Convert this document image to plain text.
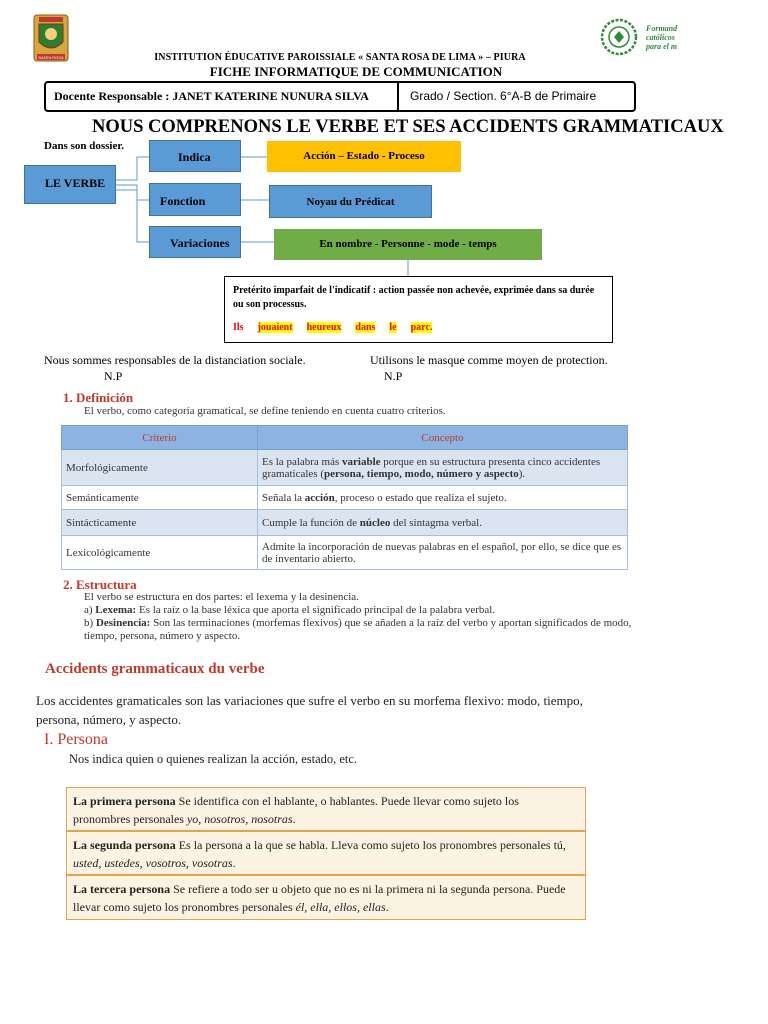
SANTA ROSA
Formand
católicos
para el m
INSTITUTION ÉDUCATIVE PAROISSIALE « SANTA ROSA DE LIMA » – PIURA
FICHE INFORMATIQUE DE COMMUNICATION
Docente Responsable : JANET KATERINE NUNURA SILVA	Grado / Section. 6°A-B de Primaire
NOUS COMPRENONS LE VERBE ET SES ACCIDENTS GRAMMATICAUX
Dans son dossier.
LE VERBE
Indica
Fonction
Variaciones
Acción – Estado - Proceso
Noyau du Prédicat
En nombre - Personne - mode - temps
Pretérito imparfait de l'indicatif : action passée non achevée, exprimée dans sa durée ou son processus.
Ils jouaient heureux dans le parc.
Nous sommes responsables de la distanciation sociale.	Utilisons le masque comme moyen de protection.
N.P	N.P
1. Definición
El verbo, como categoría gramatical, se define teniendo en cuenta cuatro criterios.
Criterio	Concepto
Morfológicamente	Es la palabra más variable porque en su estructura presenta cinco accidentes gramaticales (persona, tiempo, modo, número y aspecto).
Semánticamente	Señala la acción, proceso o estado que realiza el sujeto.
Sintácticamente	Cumple la función de núcleo del sintagma verbal.
Lexicológicamente	Admite la incorporación de nuevas palabras en el español, por ello, se dice que es de inventario abierto.
2. Estructura
El verbo se estructura en dos partes: el lexema y la desinencia.
a) Lexema: Es la raíz o la base léxica que aporta el significado principal de la palabra verbal.
b) Desinencia: Son las terminaciones (morfemas flexivos) que se añaden a la raíz del verbo y aportan significados de modo, tiempo, persona, número y aspecto.
Accidents grammaticaux du verbe
Los accidentes gramaticales son las variaciones que sufre el verbo en su morfema flexivo: modo, tiempo, persona, número, y aspecto.
I. Persona
Nos indica quien o quienes realizan la acción, estado, etc.
La primera persona Se identifica con el hablante, o hablantes. Puede llevar como sujeto los pronombres personales yo, nosotros, nosotras.
La segunda persona Es la persona a la que se habla. Lleva como sujeto los pronombres personales tú, usted, ustedes, vosotros, vosotras.
La tercera persona Se refiere a todo ser u objeto que no es ni la primera ni la segunda persona. Puede llevar como sujeto los pronombres personales él, ella, ellos, ellas.
